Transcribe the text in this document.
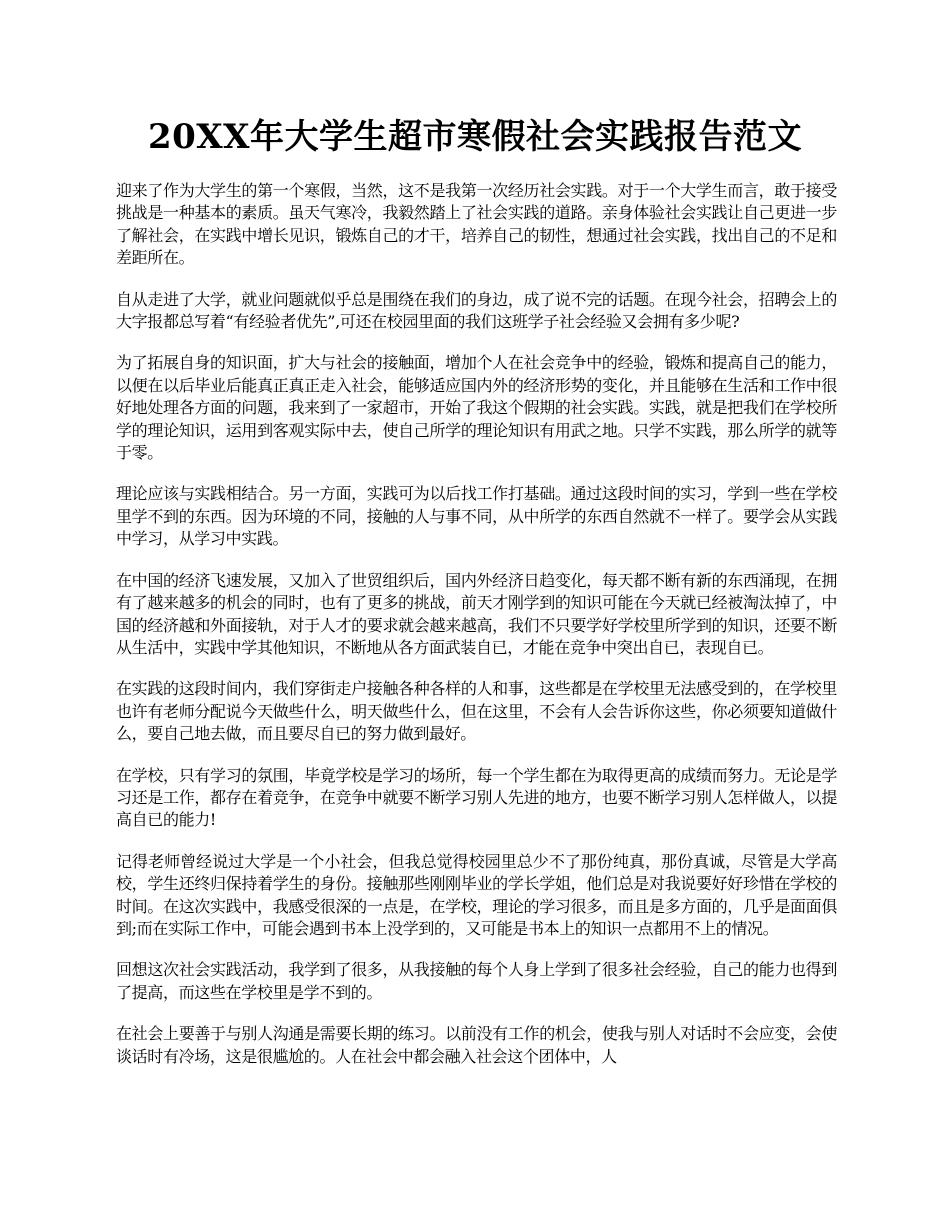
20XX年大学生超市寒假社会实践报告范文

迎来了作为大学生的第一个寒假，当然，这不是我第一次经历社会实践。对于一个大学生而言，敢于接受挑战是一种基本的素质。虽天气寒冷，我毅然踏上了社会实践的道路。亲身体验社会实践让自己更进一步了解社会，在实践中增长见识，锻炼自己的才干，培养自己的韧性，想通过社会实践，找出自己的不足和差距所在。

自从走进了大学，就业问题就似乎总是围绕在我们的身边，成了说不完的话题。在现今社会，招聘会上的大字报都总写着“有经验者优先”,可还在校园里面的我们这班学子社会经验又会拥有多少呢?

为了拓展自身的知识面，扩大与社会的接触面，增加个人在社会竞争中的经验，锻炼和提高自己的能力，以便在以后毕业后能真正真正走入社会，能够适应国内外的经济形势的变化，并且能够在生活和工作中很好地处理各方面的问题，我来到了一家超市，开始了我这个假期的社会实践。实践，就是把我们在学校所学的理论知识，运用到客观实际中去，使自己所学的理论知识有用武之地。只学不实践，那么所学的就等于零。

理论应该与实践相结合。另一方面，实践可为以后找工作打基础。通过这段时间的实习，学到一些在学校里学不到的东西。因为环境的不同，接触的人与事不同，从中所学的东西自然就不一样了。要学会从实践中学习，从学习中实践。

在中国的经济飞速发展，又加入了世贸组织后，国内外经济日趋变化，每天都不断有新的东西涌现，在拥有了越来越多的机会的同时，也有了更多的挑战，前天才刚学到的知识可能在今天就已经被淘汰掉了，中国的经济越和外面接轨，对于人才的要求就会越来越高，我们不只要学好学校里所学到的知识，还要不断从生活中，实践中学其他知识，不断地从各方面武装自已，才能在竞争中突出自已，表现自已。

在实践的这段时间内，我们穿街走户接触各种各样的人和事，这些都是在学校里无法感受到的，在学校里也许有老师分配说今天做些什么，明天做些什么，但在这里，不会有人会告诉你这些，你必须要知道做什么，要自己地去做，而且要尽自已的努力做到最好。

在学校，只有学习的氛围，毕竟学校是学习的场所，每一个学生都在为取得更高的成绩而努力。无论是学习还是工作，都存在着竞争，在竞争中就要不断学习别人先进的地方，也要不断学习别人怎样做人，以提高自已的能力!

记得老师曾经说过大学是一个小社会，但我总觉得校园里总少不了那份纯真，那份真诚，尽管是大学高校，学生还终归保持着学生的身份。接触那些刚刚毕业的学长学姐，他们总是对我说要好好珍惜在学校的时间。在这次实践中，我感受很深的一点是，在学校，理论的学习很多，而且是多方面的，几乎是面面俱到;而在实际工作中，可能会遇到书本上没学到的，又可能是书本上的知识一点都用不上的情况。

回想这次社会实践活动，我学到了很多，从我接触的每个人身上学到了很多社会经验，自己的能力也得到了提高，而这些在学校里是学不到的。

在社会上要善于与别人沟通是需要长期的练习。以前没有工作的机会，使我与别人对话时不会应变，会使谈话时有冷场，这是很尴尬的。人在社会中都会融入社会这个团体中，人
